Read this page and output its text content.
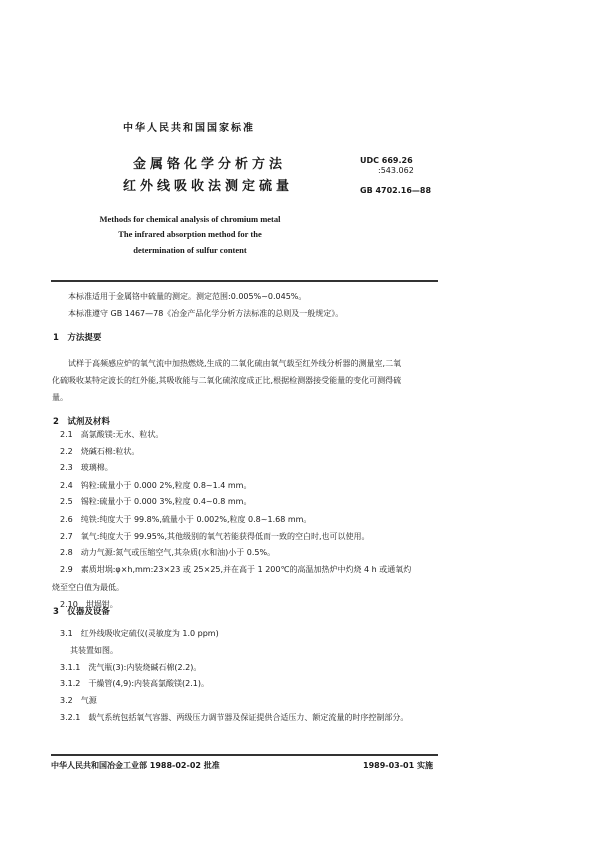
中华人民共和国国家标准
金属铬化学分析方法
红外线吸收法测定硫量
UDC 669.26
:543.062
GB 4702.16—88
Methods for chemical analysis of chromium metal
The infrared absorption method for the
determination of sulfur content
本标准适用于金属铬中硫量的测定。测定范围:0.005%~0.045%。
本标准遵守 GB 1467—78《冶金产品化学分析方法标准的总则及一般规定》。
1　方法提要
试样于高频感应炉的氧气流中加热燃烧,生成的二氧化硫由氧气载至红外线分析器的测量室,二氧
化硫吸收某特定波长的红外能,其吸收能与二氧化硫浓度成正比,根据检测器接受能量的变化可测得硫
量。
2　试剂及材料
2.1　高氯酸镁:无水、粒状。
2.2　烧碱石棉:粒状。
2.3　玻璃棉。
2.4　钨粒:硫量小于 0.000 2%,粒度 0.8~1.4 mm。
2.5　锡粒:硫量小于 0.000 3%,粒度 0.4~0.8 mm。
2.6　纯铁:纯度大于 99.8%,硫量小于 0.002%,粒度 0.8~1.68 mm。
2.7　氧气:纯度大于 99.95%,其他级别的氧气若能获得低而一致的空白时,也可以使用。
2.8　动力气源:氮气或压缩空气,其杂质(水和油)小于 0.5%。
2.9　素质坩埚:φ×h,mm:23×23 或 25×25,并在高于 1 200℃的高温加热炉中灼烧 4 h 或通氧灼
烧至空白值为最低。
2.10　坩埚钳。
3　仪器及设备
3.1　红外线吸收定硫仪(灵敏度为 1.0 ppm)
其装置如图。
3.1.1　洗气瓶(3):内装烧碱石棉(2.2)。
3.1.2　干燥管(4,9):内装高氯酸镁(2.1)。
3.2　气源
3.2.1　载气系统包括氧气容器、两级压力调节器及保证提供合适压力、额定流量的时序控制部分。
中华人民共和国冶金工业部 1988-02-02 批准	1989-03-01 实施
